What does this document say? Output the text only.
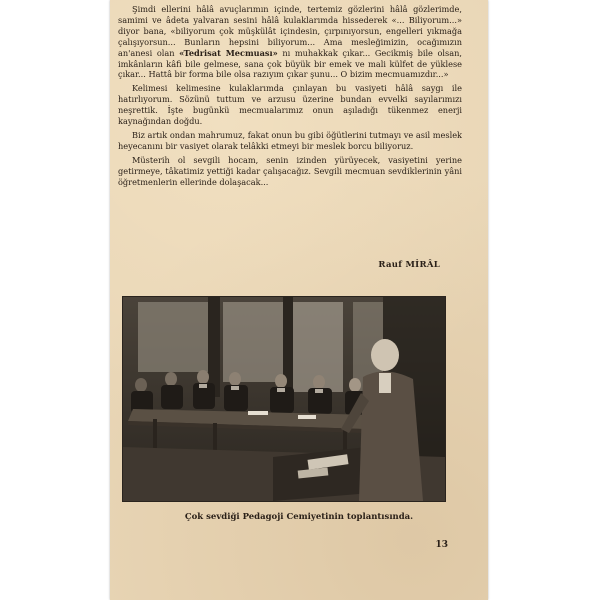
Şimdi ellerini hâlâ avuçlarımın içinde, tertemiz gözlerini hâlâ gözlerimde, samimi ve âdeta yalvaran sesini hâlâ kulaklarımda hissederek «... Biliyorum...» diyor bana, «biliyorum çok müşkülât içindesin, çırpınıyorsun, engelleri yıkmağa çalışıyorsun... Bunların hepsini biliyorum... Ama mesleğimizin, ocağımızın an'anesi olan «Tedrisat Mecmuası» nı muhakkak çıkar... Gecikmiş bile olsan, imkânların kâfi bile gelmese, sana çok büyük bir emek ve mali külfet de yüklese çıkar... Hattâ bir forma bile olsa razıyım çıkar şunu... O bizim mecmuamızdır...»

Kelimesi kelimesine kulaklarımda çınlayan bu vasiyeti hâlâ saygı ile hatırlıyorum. Sözünü tuttum ve arzusu üzerine bundan evvelki sayılarımızı neşrettik. İşte bugünkü mecmualarımız onun aşıladığı tükenmez enerji kaynağından doğdu.

Biz artık ondan mahrumuz, fakat onun bu gibi öğütlerini tutmayı ve asil meslek heyecanını bir vasiyet olarak telâkki etmeyi bir meslek borcu biliyoruz.

Müsterih ol sevgili hocam, senin izinden yürüyecek, vasiyetini yerine getirmeye, tâkatimiz yettiği kadar çalışacağız. Sevgili mecmuan sevdiklerinin yâni öğretmenlerin ellerinde dolaşacak...

Rauf MİRÂL
Çok sevdiği Pedagoji Cemiyetinin toplantısında.
13
